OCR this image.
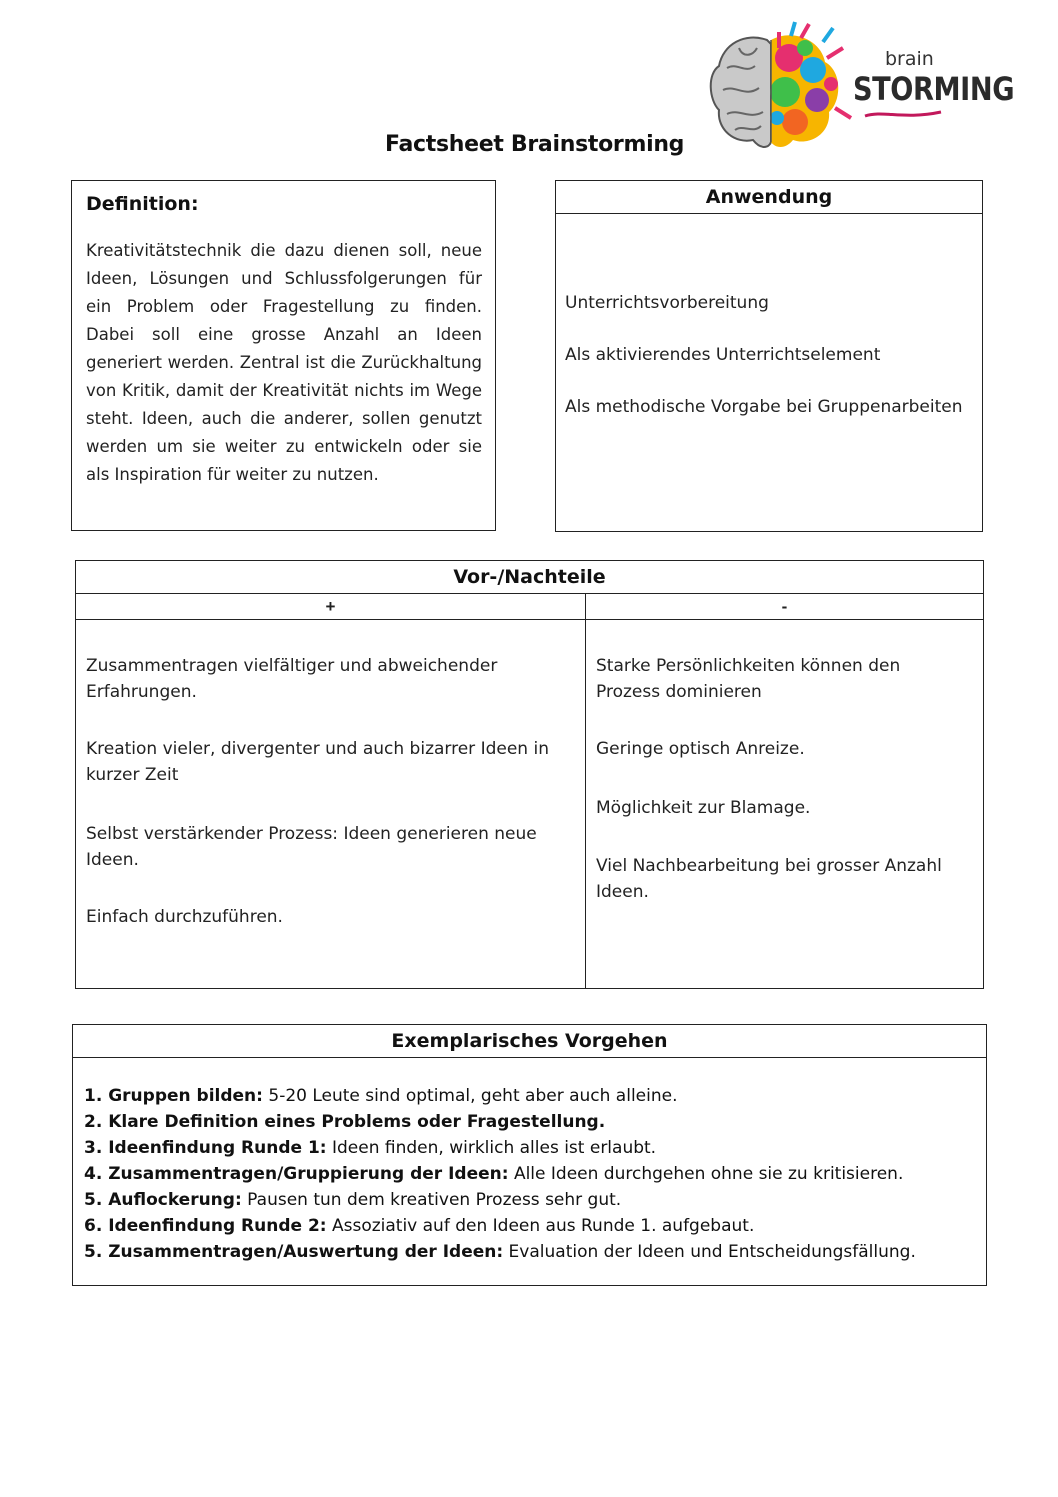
brain
STORMING
Factsheet Brainstorming
Definition:
Kreativitätstechnik die dazu dienen soll, neue Ideen, Lösungen und Schlussfolgerungen für ein Problem oder Fragestellung zu finden. Dabei soll eine grosse Anzahl an Ideen generiert werden. Zentral ist die Zurückhaltung von Kritik, damit der Kreativität nichts im Wege steht. Ideen, auch die anderer, sollen genutzt werden um sie weiter zu entwickeln oder sie als Inspiration für weiter zu nutzen.
Anwendung
Unterrichtsvorbereitung
Als aktivierendes Unterrichtselement
Als methodische Vorgabe bei Gruppenarbeiten
Vor-/Nachteile
+	-
Zusammentragen vielfältiger und abweichender Erfahrungen.
Kreation vieler, divergenter und auch bizarrer Ideen in kurzer Zeit
Selbst verstärkender Prozess: Ideen generieren neue Ideen.
Einfach durchzuführen.
Starke Persönlichkeiten können den Prozess dominieren
Geringe optisch Anreize.
Möglichkeit zur Blamage.
Viel Nachbearbeitung bei grosser Anzahl Ideen.
Exemplarisches Vorgehen
1. Gruppen bilden: 5-20 Leute sind optimal, geht aber auch alleine.
2. Klare Definition eines Problems oder Fragestellung.
3. Ideenfindung Runde 1: Ideen finden, wirklich alles ist erlaubt.
4. Zusammentragen/Gruppierung der Ideen: Alle Ideen durchgehen ohne sie zu kritisieren.
5. Auflockerung: Pausen tun dem kreativen Prozess sehr gut.
6. Ideenfindung Runde 2: Assoziativ auf den Ideen aus Runde 1. aufgebaut.
5. Zusammentragen/Auswertung der Ideen: Evaluation der Ideen und Entscheidungsfällung.
